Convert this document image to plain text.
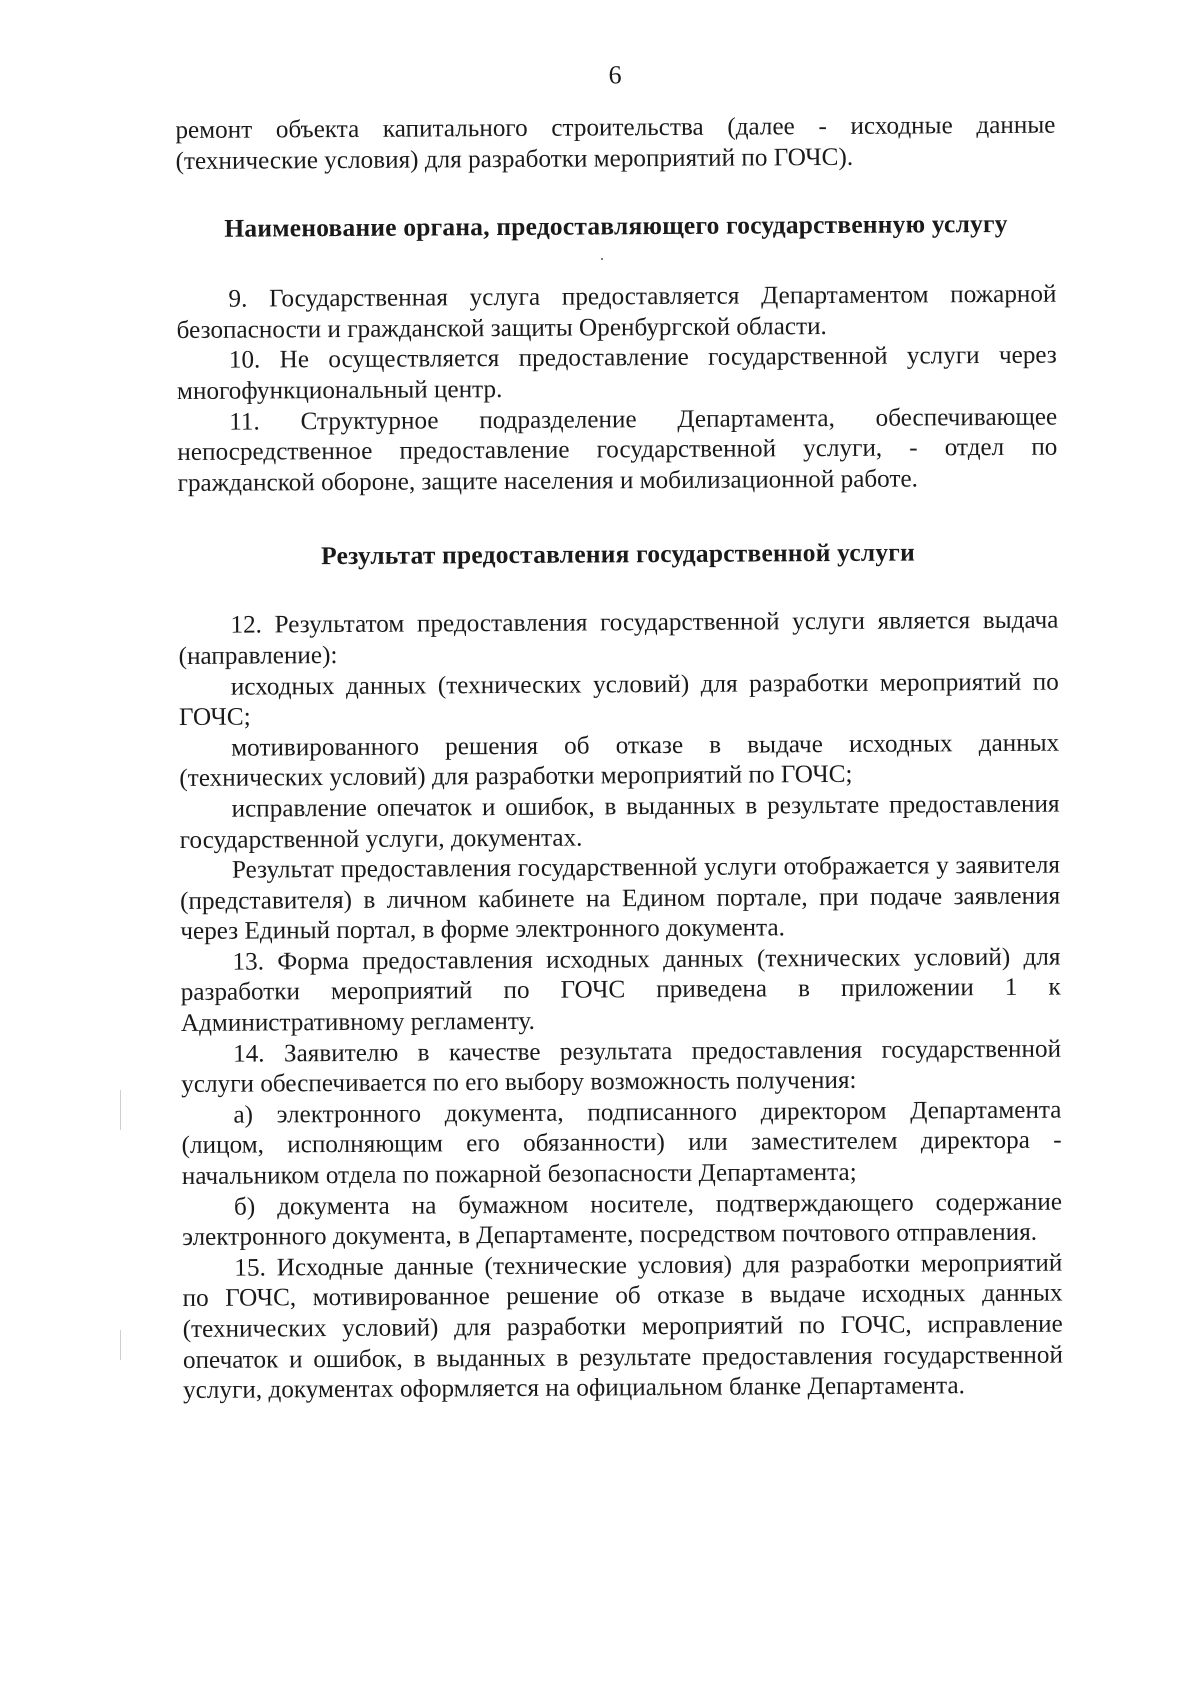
6

ремонт объекта капитального строительства (далее - исходные данные (технические условия) для разработки мероприятий по ГОЧС).

Наименование органа, предоставляющего государственную услугу

9. Государственная услуга предоставляется Департаментом пожарной безопасности и гражданской защиты Оренбургской области.

10. Не осуществляется предоставление государственной услуги через многофункциональный центр.

11. Структурное подразделение Департамента, обеспечивающее непосредственное предоставление государственной услуги, - отдел по гражданской обороне, защите населения и мобилизационной работе.

Результат предоставления государственной услуги

12. Результатом предоставления государственной услуги является выдача (направление):

исходных данных (технических условий) для разработки мероприятий по ГОЧС;

мотивированного решения об отказе в выдаче исходных данных (технических условий) для разработки мероприятий по ГОЧС;

исправление опечаток и ошибок, в выданных в результате предоставления государственной услуги, документах.

Результат предоставления государственной услуги отображается у заявителя (представителя) в личном кабинете на Едином портале, при подаче заявления через Единый портал, в форме электронного документа.

13. Форма предоставления исходных данных (технических условий) для разработки мероприятий по ГОЧС приведена в приложении 1 к Административному регламенту.

14. Заявителю в качестве результата предоставления государственной услуги обеспечивается по его выбору возможность получения:

а) электронного документа, подписанного директором Департамента (лицом, исполняющим его обязанности) или заместителем директора - начальником отдела по пожарной безопасности Департамента;

б) документа на бумажном носителе, подтверждающего содержание электронного документа, в Департаменте, посредством почтового отправления.

15. Исходные данные (технические условия) для разработки мероприятий по ГОЧС, мотивированное решение об отказе в выдаче исходных данных (технических условий) для разработки мероприятий по ГОЧС, исправление опечаток и ошибок, в выданных в результате предоставления государственной услуги, документах оформляется на официальном бланке Департамента.
